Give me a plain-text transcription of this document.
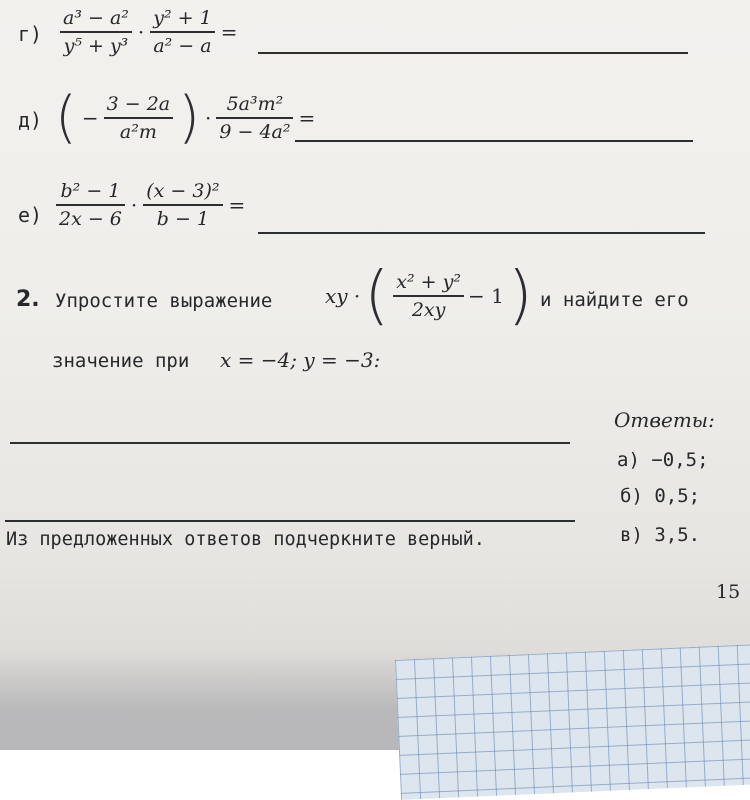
$г) \frac{\text{a³ − a²}}{\text{y⁵ + y³}} \cdot \frac{\text{y² + 1}}{\text{a² − a}}$ =
д) ( − $\frac{3 - 2a}{\text{a²m}}$ ) · $\frac{\text{5a³m²}}{\text{9 − 4a²}}$ =
$е) \frac{\text{b² − 1}}{2x - 6} \cdot \frac{\text{(x − 3)²}}{b - 1}$ =
2. Упростите выражение	xy · ( $\frac{\text{x² + y²}}{2xy} - 1$ ) и найдите его
значение при x = −4; y = −3:
Ответы:
а) −0,5;
б) 0,5;
в) 3,5.
Из предложенных ответов подчеркните верный.
15
